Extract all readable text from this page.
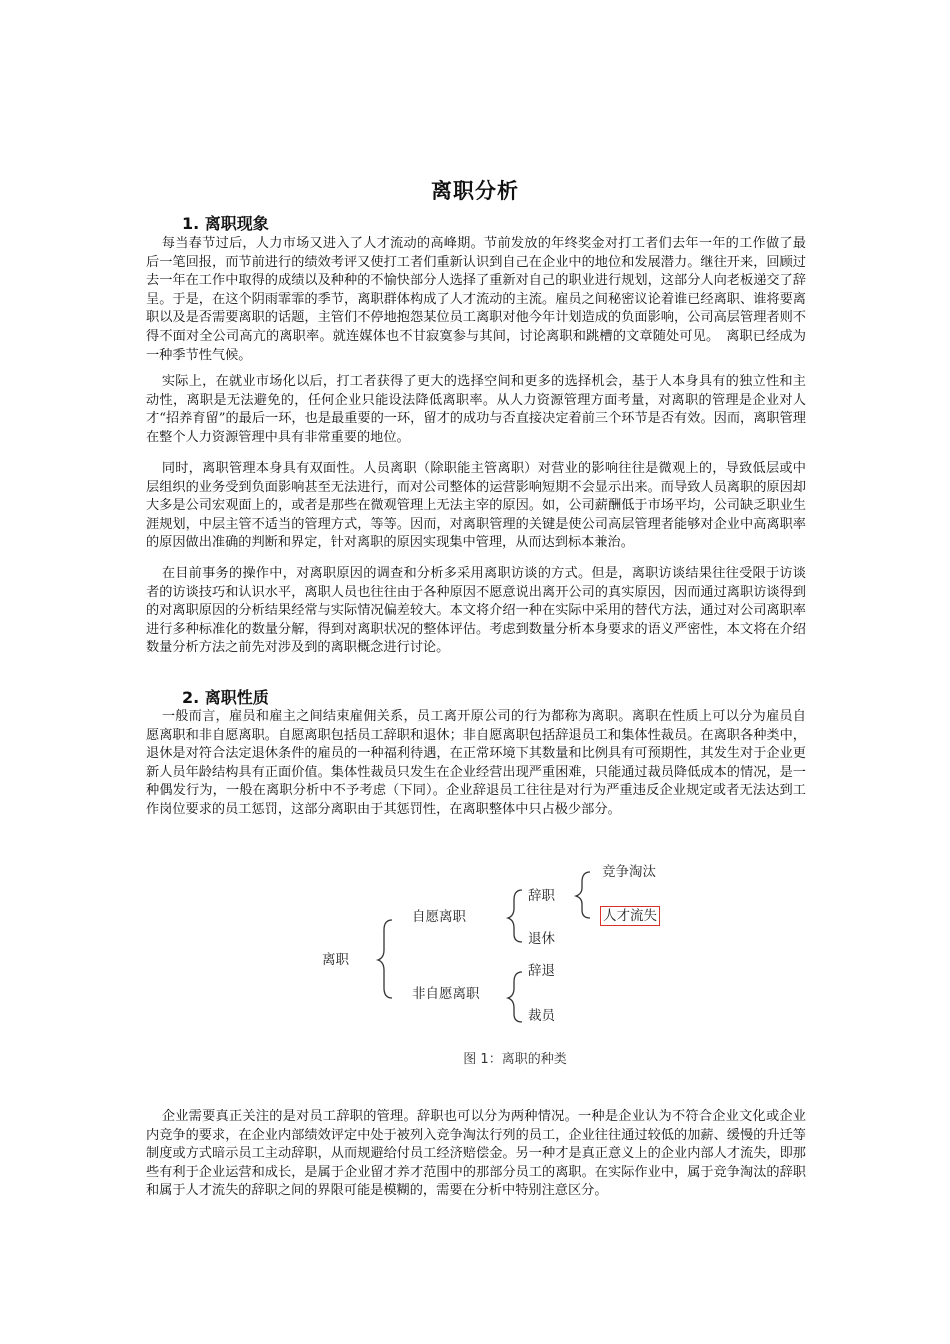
离职分析
1. 离职现象

每当春节过后，人力市场又进入了人才流动的高峰期。节前发放的年终奖金对打工者们去年一年的工作做了最后一笔回报，而节前进行的绩效考评又使打工者们重新认识到自己在企业中的地位和发展潜力。继往开来，回顾过去一年在工作中取得的成绩以及种种的不愉快部分人选择了重新对自己的职业进行规划，这部分人向老板递交了辞呈。于是，在这个阴雨霏霏的季节，离职群体构成了人才流动的主流。雇员之间秘密议论着谁已经离职、谁将要离职以及是否需要离职的话题，主管们不停地抱怨某位员工离职对他今年计划造成的负面影响，公司高层管理者则不得不面对全公司高亢的离职率。就连媒体也不甘寂寞参与其间，讨论离职和跳槽的文章随处可见。　离职已经成为一种季节性气候。

实际上，在就业市场化以后，打工者获得了更大的选择空间和更多的选择机会，基于人本身具有的独立性和主动性，离职是无法避免的，任何企业只能设法降低离职率。从人力资源管理方面考量，对离职的管理是企业对人才“招养育留”的最后一环，也是最重要的一环，留才的成功与否直接决定着前三个环节是否有效。因而，离职管理在整个人力资源管理中具有非常重要的地位。

同时，离职管理本身具有双面性。人员离职（除职能主管离职）对营业的影响往往是微观上的，导致低层或中层组织的业务受到负面影响甚至无法进行，而对公司整体的运营影响短期不会显示出来。而导致人员离职的原因却大多是公司宏观面上的，或者是那些在微观管理上无法主宰的原因。如，公司薪酬低于市场平均，公司缺乏职业生涯规划，中层主管不适当的管理方式，等等。因而，对离职管理的关键是使公司高层管理者能够对企业中高离职率的原因做出准确的判断和界定，针对离职的原因实现集中管理，从而达到标本兼治。

在目前事务的操作中，对离职原因的调查和分析多采用离职访谈的方式。但是，离职访谈结果往往受限于访谈者的访谈技巧和认识水平，离职人员也往往由于各种原因不愿意说出离开公司的真实原因，因而通过离职访谈得到的对离职原因的分析结果经常与实际情况偏差较大。本文将介绍一种在实际中采用的替代方法，通过对公司离职率进行多种标准化的数量分解，得到对离职状况的整体评估。考虑到数量分析本身要求的语义严密性，本文将在介绍数量分析方法之前先对涉及到的离职概念进行讨论。

2. 离职性质

一般而言，雇员和雇主之间结束雇佣关系，员工离开原公司的行为都称为离职。离职在性质上可以分为雇员自愿离职和非自愿离职。自愿离职包括员工辞职和退休；非自愿离职包括辞退员工和集体性裁员。在离职各种类中，退休是对符合法定退休条件的雇员的一种福利待遇，在正常环境下其数量和比例具有可预期性，其发生对于企业更新人员年龄结构具有正面价值。集体性裁员只发生在企业经营出现严重困难，只能通过裁员降低成本的情况，是一种偶发行为，一般在离职分析中不予考虑（下同）。企业辞退员工往往是对行为严重违反企业规定或者无法达到工作岗位要求的员工惩罚，这部分离职由于其惩罚性，在离职整体中只占极少部分。

离职
自愿离职
非自愿离职
辞职
退休
辞退
裁员
竞争淘汰
人才流失
图 1：离职的种类

企业需要真正关注的是对员工辞职的管理。辞职也可以分为两种情况。一种是企业认为不符合企业文化或企业内竞争的要求，在企业内部绩效评定中处于被列入竞争淘汰行列的员工，企业往往通过较低的加薪、缓慢的升迁等制度或方式暗示员工主动辞职，从而规避给付员工经济赔偿金。另一种才是真正意义上的企业内部人才流失，即那些有利于企业运营和成长，是属于企业留才养才范围中的那部分员工的离职。在实际作业中，属于竞争淘汰的辞职和属于人才流失的辞职之间的界限可能是模糊的，需要在分析中特别注意区分。
